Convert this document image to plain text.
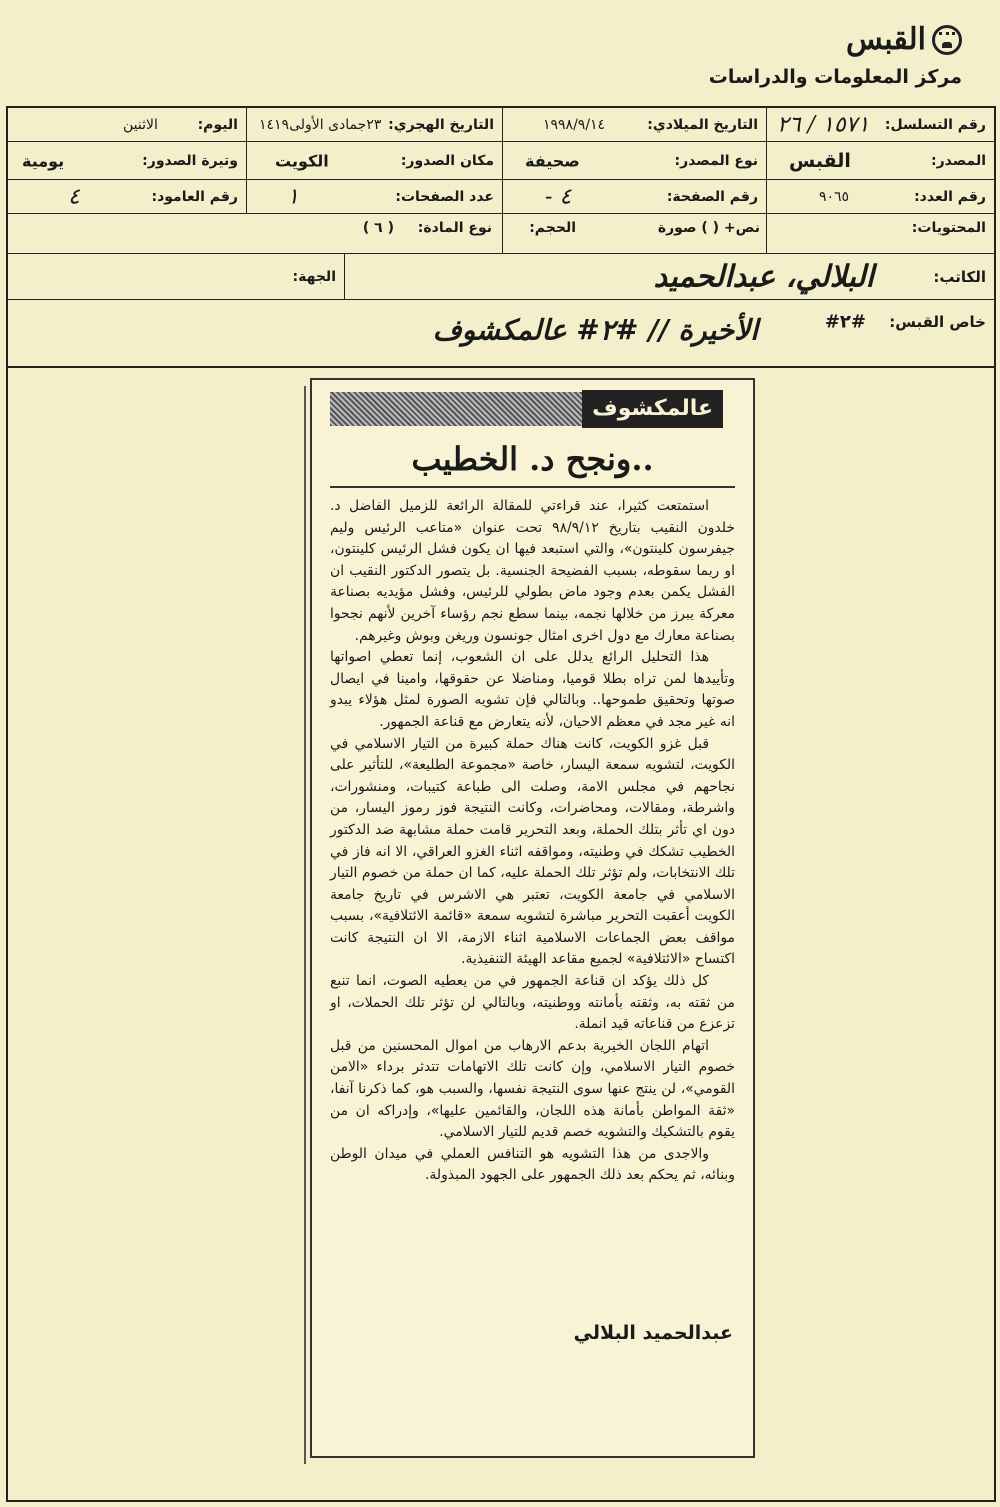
القبس
مركز المعلومات والدراسات
رقم التسلسل:
١٥٧١ / ٢٦
التاريخ الميلادي:
١٩٩٨/٩/١٤
التاريخ الهجري:
٢٣جمادى الأولى١٤١٩
اليوم:
الاثنين
المصدر:
القبس
نوع المصدر:
صحيفة
مكان الصدور:
الكويت
وتيرة الصدور:
يومية
رقم العدد:
٩٠٦٥
رقم الصفحة:
٤ -
عدد الصفحات:
١
رقم العامود:
٤
المحتويات:
نص+ ( ) صورة
الحجم:
نوع المادة:
( ٦ )
الكاتب:
البلالي، عبدالحميد
الجهة:
خاص القبس:
#٢#
الأخيرة // #٢# عالمكشوف
عالمكشوف
..ونجح د. الخطيب

استمتعت كثيرا، عند قراءتي للمقالة الرائعة للزميل الفاضل د. خلدون النقيب بتاريخ ٩٨/٩/١٢ تحت عنوان «متاعب الرئيس وليم جيفرسون كلينتون»، والتي استبعد فيها ان يكون فشل الرئيس كلينتون، او ربما سقوطه، بسبب الفضيحة الجنسية. بل يتصور الدكتور النقيب ان الفشل يكمن بعدم وجود ماض بطولي للرئيس، وفشل مؤيديه بصناعة معركة يبرز من خلالها نجمه، بينما سطع نجم رؤساء آخرين لأنهم نجحوا بصناعة معارك مع دول اخرى امثال جونسون وريغن وبوش وغيرهم.

هذا التحليل الرائع يدلل على ان الشعوب، إنما تعطي اصواتها وتأييدها لمن تراه بطلا قوميا، ومناضلا عن حقوقها، وامينا في ايصال صوتها وتحقيق طموحها.. وبالتالي فإن تشويه الصورة لمثل هؤلاء يبدو انه غير مجد في معظم الاحيان، لأنه يتعارض مع قناعة الجمهور.

قبل غزو الكويت، كانت هناك حملة كبيرة من التيار الاسلامي في الكويت، لتشويه سمعة اليسار، خاصة «مجموعة الطليعة»، للتأثير على نجاحهم في مجلس الامة، وصلت الى طباعة كتيبات، ومنشورات، واشرطة، ومقالات، ومحاضرات، وكانت النتيجة فوز رموز اليسار، من دون اي تأثر بتلك الحملة، وبعد التحرير قامت حملة مشابهة ضد الدكتور الخطيب تشكك في وطنيته، ومواقفه اثناء الغزو العراقي، الا انه فاز في تلك الانتخابات، ولم تؤثر تلك الحملة عليه، كما ان حملة من خصوم التيار الاسلامي في جامعة الكويت، تعتبر هي الاشرس في تاريخ جامعة الكويت أعقبت التحرير مباشرة لتشويه سمعة «قائمة الائتلافية»، بسبب مواقف بعض الجماعات الاسلامية اثناء الازمة، الا ان النتيجة كانت اكتساح «الائتلافية» لجميع مقاعد الهيئة التنفيذية.

كل ذلك يؤكد ان قناعة الجمهور في من يعطيه الصوت، انما تنبع من ثقته به، وثقته بأمانته ووطنيته، وبالتالي لن تؤثر تلك الحملات، او تزعزع من قناعاته قيد انملة.

اتهام اللجان الخيرية بدعم الارهاب من اموال المحسنين من قبل خصوم التيار الاسلامي، وإن كانت تلك الاتهامات تتدثر برداء «الامن القومي»، لن ينتج عنها سوى النتيجة نفسها، والسبب هو، كما ذكرنا آنفا، «ثقة المواطن بأمانة هذه اللجان، والقائمين عليها»، وإدراكه ان من يقوم بالتشكيك والتشويه خصم قديم للتيار الاسلامي.

والاجدى من هذا التشويه هو التنافس العملي في ميدان الوطن وبنائه، ثم يحكم بعد ذلك الجمهور على الجهود المبذولة.

عبدالحميد البلالي
